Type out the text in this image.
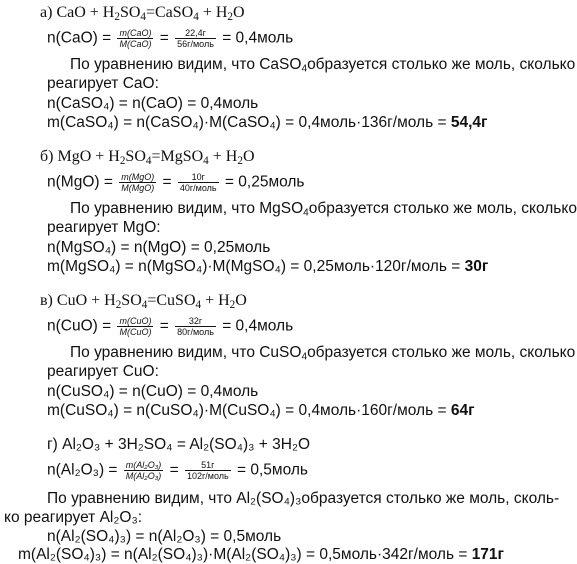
а) CaO + $H_2SO_4=CaSO_4 + H_2O$
$n(CaO) = \frac{\text{m(CaO)}}{\text{M(CaO)}} = \frac{22,4г}{\text{56г/моль}}$ = 0,4моль
По уравнению видим, что CaSO$_4$образуется столько же моль, сколько
реагирует CaO:
n(CaSO₄) = n(CaO) = 0,4моль
m(CaSO₄) = n(CaSO₄)·M(CaSO₄) = 0,4моль·136г/моль = 54,4г
б) MgO + $H_2SO_4=MgSO_4 + H_2O$
$n(MgO) = \frac{\text{m(MgO)}}{\text{M(MgO)}} = \frac{10г}{\text{40г/моль}}$ = 0,25моль
По уравнению видим, что MgSO$_4$образуется столько же моль, сколько
реагирует MgO:
n(MgSO₄) = n(MgO) = 0,25моль
m(MgSO₄) = n(MgSO₄)·M(MgSO₄) = 0,25моль·120г/моль = 30г
в) CuO + $H_2SO_4=CuSO_4 + H_2O$
$n(CuO) = \frac{\text{m(CuO)}}{\text{M(CuO)}} = \frac{32г}{\text{80г/моль}}$ = 0,4моль
По уравнению видим, что CuSO$_4$образуется столько же моль, сколько
реагирует CuO:
n(CuSO₄) = n(CuO) = 0,4моль
m(CuSO₄) = n(CuSO₄)·M(CuSO₄) = 0,4моль·160г/моль = 64г
г) Al₂O₃ + 3H₂SO₄ = Al₂(SO₄)₃ + 3H₂O
$n(Al_2O_3) = \frac{\text{m(Al₂O₃)}}{\text{M(Al₂O₃)}} = \frac{51г}{\text{102г/моль}}$ = 0,5моль
По уравнению видим, что Al₂(SO₄)₃образуется столько же моль, сколь-
ко реагирует Al₂O₃:
n(Al₂(SO₄)₃) = n(Al₂O₃) = 0,5моль
m(Al₂(SO₄)₃) = n(Al₂(SO₄)₃)·M(Al₂(SO₄)₃) = 0,5моль·342г/моль = 171г
